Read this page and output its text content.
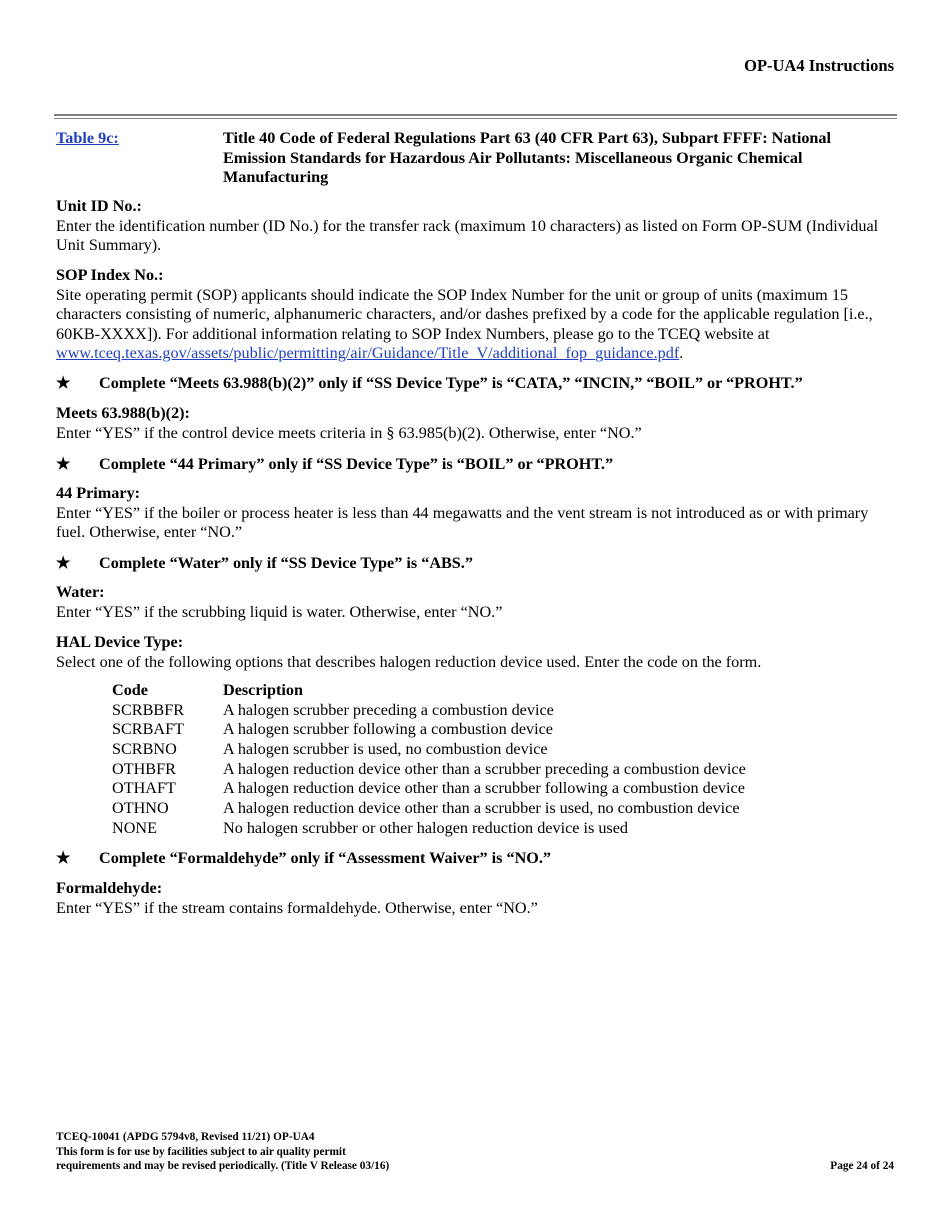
OP-UA4 Instructions
Table 9c:	Title 40 Code of Federal Regulations Part 63 (40 CFR Part 63), Subpart FFFF: National Emission Standards for Hazardous Air Pollutants: Miscellaneous Organic Chemical Manufacturing
Unit ID No.:
Enter the identification number (ID No.) for the transfer rack (maximum 10 characters) as listed on Form OP-SUM (Individual Unit Summary).
SOP Index No.:
Site operating permit (SOP) applicants should indicate the SOP Index Number for the unit or group of units (maximum 15 characters consisting of numeric, alphanumeric characters, and/or dashes prefixed by a code for the applicable regulation [i.e., 60KB-XXXX]). For additional information relating to SOP Index Numbers, please go to the TCEQ website at www.tceq.texas.gov/assets/public/permitting/air/Guidance/Title_V/additional_fop_guidance.pdf.
★ Complete “Meets 63.988(b)(2)” only if “SS Device Type” is “CATA,” “INCIN,” “BOIL” or “PROHT.”
Meets 63.988(b)(2):
Enter “YES” if the control device meets criteria in § 63.985(b)(2). Otherwise, enter “NO.”
★ Complete “44 Primary” only if “SS Device Type” is “BOIL” or “PROHT.”
44 Primary:
Enter “YES” if the boiler or process heater is less than 44 megawatts and the vent stream is not introduced as or with primary fuel. Otherwise, enter “NO.”
★ Complete “Water” only if “SS Device Type” is “ABS.”
Water:
Enter “YES” if the scrubbing liquid is water. Otherwise, enter “NO.”
HAL Device Type:
Select one of the following options that describes halogen reduction device used. Enter the code on the form.
Code	Description
SCRBBFR	A halogen scrubber preceding a combustion device
SCRBAFT	A halogen scrubber following a combustion device
SCRBNO	A halogen scrubber is used, no combustion device
OTHBFR	A halogen reduction device other than a scrubber preceding a combustion device
OTHAFT	A halogen reduction device other than a scrubber following a combustion device
OTHNO	A halogen reduction device other than a scrubber is used, no combustion device
NONE	No halogen scrubber or other halogen reduction device is used
★ Complete “Formaldehyde” only if “Assessment Waiver” is “NO.”
Formaldehyde:
Enter “YES” if the stream contains formaldehyde. Otherwise, enter “NO.”
TCEQ-10041 (APDG 5794v8, Revised 11/21) OP-UA4
This form is for use by facilities subject to air quality permit
requirements and may be revised periodically. (Title V Release 03/16)	Page 24 of 24
